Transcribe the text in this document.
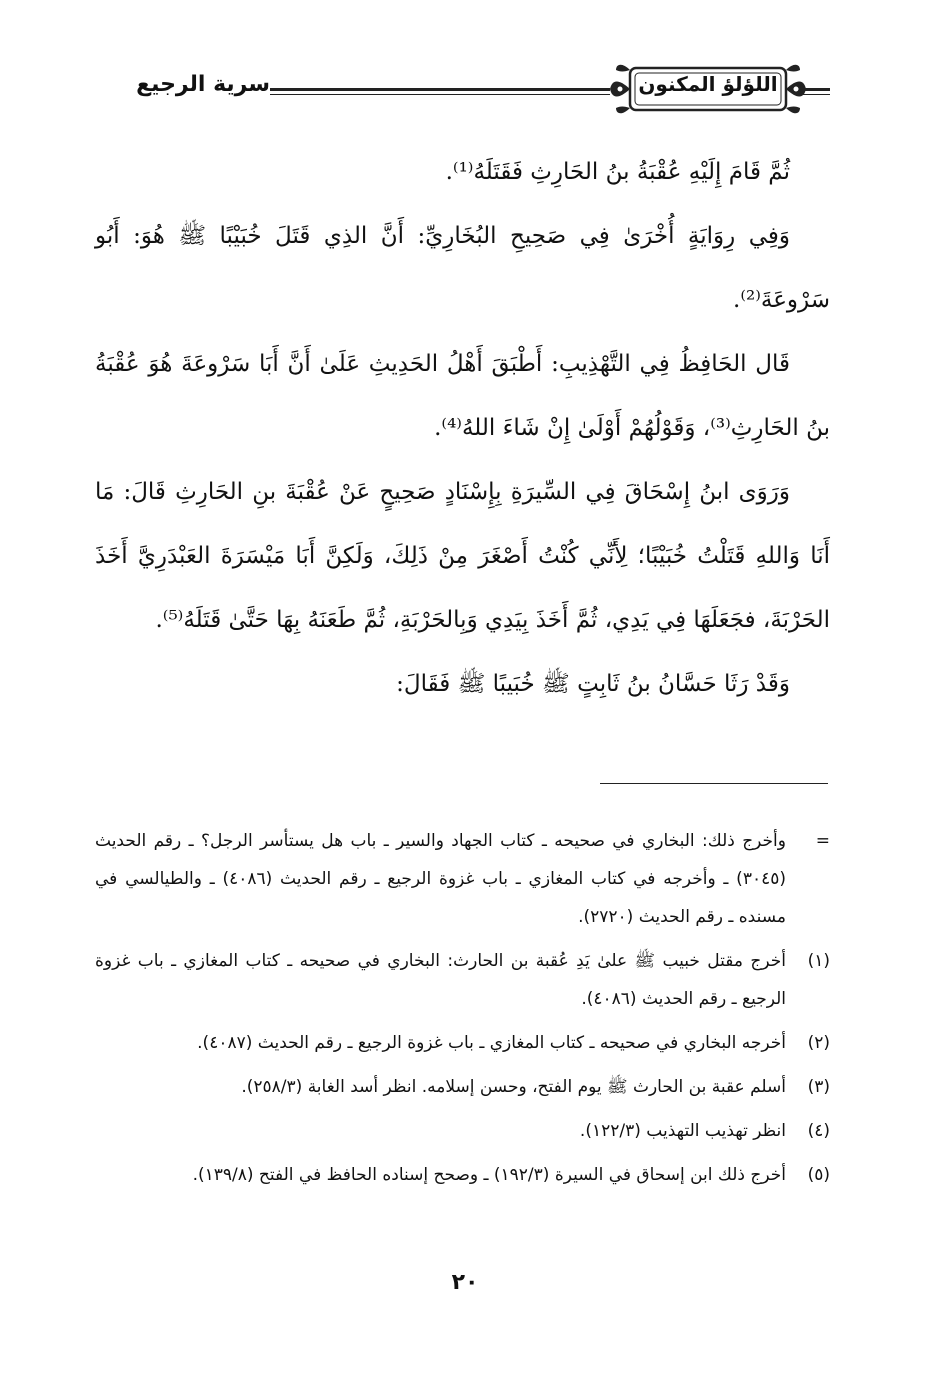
اللؤلؤ المكنون
سرية الرجيع

ثُمَّ قَامَ إِلَيْهِ عُقْبَةُ بنُ الحَارِثِ فَقَتَلَهُ⁽¹⁾.

وَفِي رِوَايَةٍ أُخْرَىٰ فِي صَحِيحِ البُخَارِيِّ: أَنَّ الذِي قَتَلَ خُبَيْبًا ﷺ هُوَ: أَبُو سَرْوعَةَ⁽²⁾.

قَال الحَافِظُ فِي التَّهْذِيبِ: أَطْبَقَ أَهْلُ الحَدِيثِ عَلَىٰ أَنَّ أَبَا سَرْوعَةَ هُوَ عُقْبَةُ بنُ الحَارِثِ⁽³⁾، وَقَوْلُهُمْ أَوْلَىٰ إِنْ شَاءَ اللهُ⁽⁴⁾.

وَرَوَى ابنُ إِسْحَاقَ فِي السِّيرَةِ بِإِسْنَادٍ صَحِيحٍ عَنْ عُقْبَةَ بنِ الحَارِثِ قَالَ: مَا أَنَا وَاللهِ قَتَلْتُ خُبَيْبًا؛ لِأَنِّي كُنْتُ أَصْغَرَ مِنْ ذَلِكَ، وَلَكِنَّ أَبَا مَيْسَرَةَ العَبْدَرِيَّ أَخَذَ الحَرْبَةَ، فجَعَلَهَا فِي يَدِي، ثُمَّ أَخَذَ بِيَدِي وَبِالحَرْبَةِ، ثُمَّ طَعَنَهُ بِهَا حَتَّىٰ قَتَلَهُ⁽⁵⁾.

وَقَدْ رَثَا حَسَّانُ بنُ ثَابِتٍ ﷺ خُبَيبًا ﷺ فَقَالَ:

=
وأخرج ذلك: البخاري في صحيحه ـ كتاب الجهاد والسير ـ باب هل يستأسر الرجل؟ ـ رقم الحديث (٣٠٤٥) ـ وأخرجه في كتاب المغازي ـ باب غزوة الرجيع ـ رقم الحديث (٤٠٨٦) ـ والطيالسي في مسنده ـ رقم الحديث (٢٧٢٠).
(١)
أخرج مقتل خبيب ﷺ علىٰ يَدِ عُقبة بن الحارث: البخاري في صحيحه ـ كتاب المغازي ـ باب غزوة الرجيع ـ رقم الحديث (٤٠٨٦).
(٢)
أخرجه البخاري في صحيحه ـ كتاب المغازي ـ باب غزوة الرجيع ـ رقم الحديث (٤٠٨٧).
(٣)
أسلم عقبة بن الحارث ﷺ يوم الفتح، وحسن إسلامه. انظر أسد الغابة (٢٥٨/٣).
(٤)
انظر تهذيب التهذيب (١٢٢/٣).
(٥)
أخرج ذلك ابن إسحاق في السيرة (١٩٢/٣) ـ وصحح إسناده الحافظ في الفتح (١٣٩/٨).
٢٠
